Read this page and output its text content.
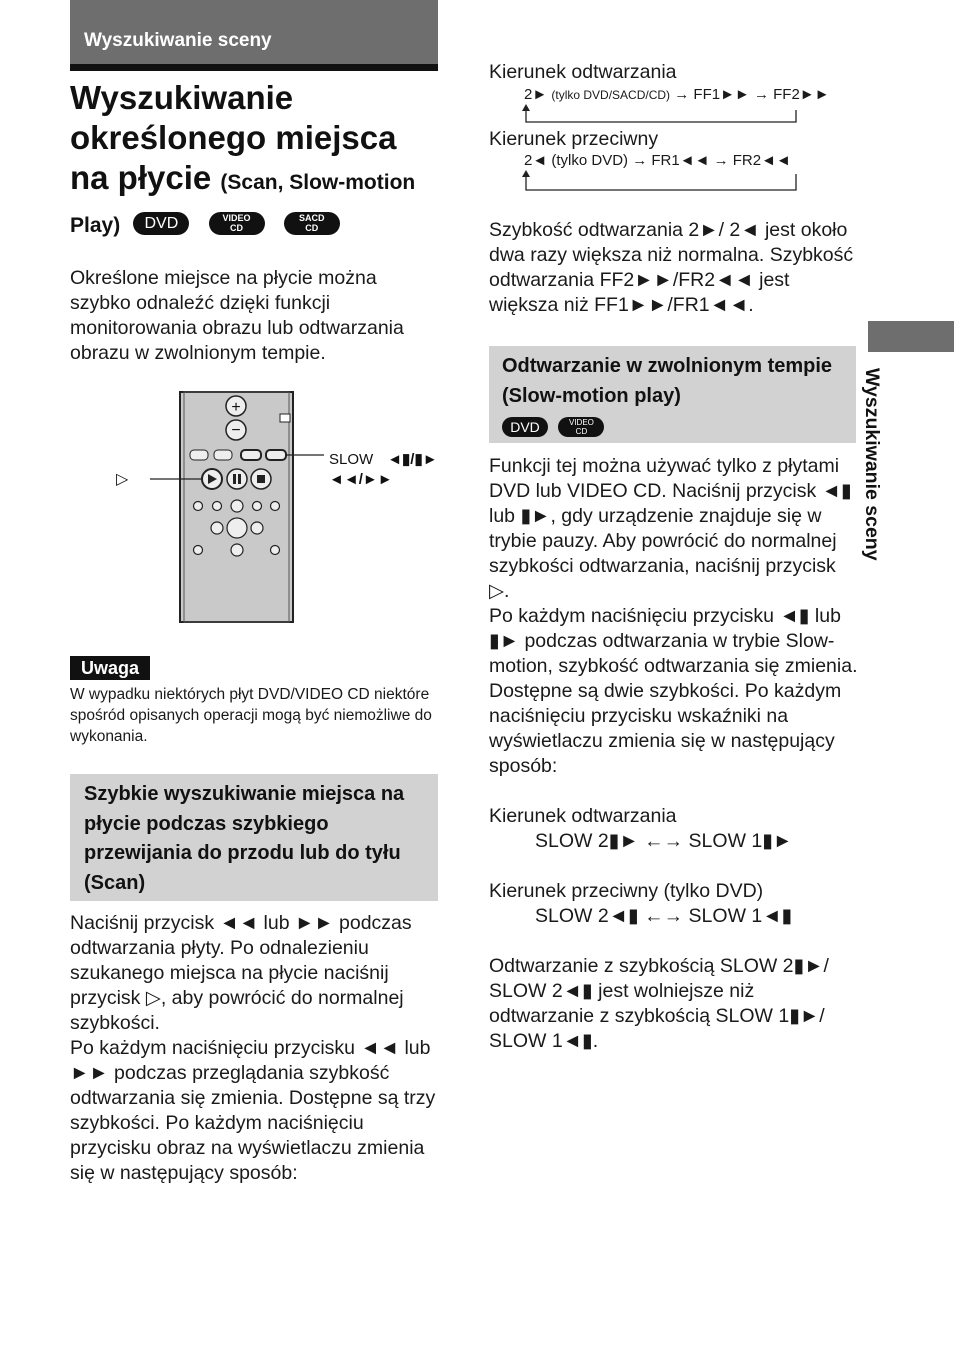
Wyszukiwanie sceny
Wyszukiwanie
określonego miejsca
na płycie (Scan, Slow-motion
Play) DVD	VIDEO
CD SACD
CD
Określone miejsce na płycie można szybko odnaleźć dzięki funkcji monitorowania obrazu lub odtwarzania obrazu w zwolnionym tempie.
+
−
▷
SLOW ◄▮/▮►
◄◄/►►
Uwaga
W wypadku niektórych płyt DVD/VIDEO CD niektóre spośród opisanych operacji mogą być niemożliwe do wykonania.
Szybkie wyszukiwanie miejsca na płycie podczas szybkiego przewijania do przodu lub do tyłu (Scan)
Naciśnij przycisk ◄◄ lub ►► podczas odtwarzania płyty. Po odnalezieniu szukanego miejsca na płycie naciśnij przycisk ▷, aby powrócić do normalnej szybkości.
Po każdym naciśnięciu przycisku ◄◄ lub ►► podczas przeglądania szybkość odtwarzania się zmienia. Dostępne są trzy szybkości. Po każdym naciśnięciu przycisku obraz na wyświetlaczu zmienia się w następujący sposób:
Kierunek odtwarzania
2► (tylko DVD/SACD/CD) → FF1►► → FF2►►
Kierunek przeciwny
2◄ (tylko DVD) → FR1◄◄ → FR2◄◄
Szybkość odtwarzania 2►/ 2◄ jest około dwa razy większa niż normalna. Szybkość odtwarzania FF2►►/FR2◄◄ jest większa niż FF1►►/FR1◄◄.
Odtwarzanie w zwolnionym tempie (Slow-motion play)
DVD	VIDEO
CD
Funkcji tej można używać tylko z płytami DVD lub VIDEO CD. Naciśnij przycisk ◄▮ lub ▮►, gdy urządzenie znajduje się w trybie pauzy. Aby powrócić do normalnej szybkości odtwarzania, naciśnij przycisk ▷.
Po każdym naciśnięciu przycisku ◄▮ lub ▮► podczas odtwarzania w trybie Slow-motion, szybkość odtwarzania się zmienia. Dostępne są dwie szybkości. Po każdym naciśnięciu przycisku wskaźniki na wyświetlaczu zmienia się w następujący sposób:
Kierunek odtwarzania
SLOW 2▮► ←→ SLOW 1▮►
Kierunek przeciwny (tylko DVD)
SLOW 2◄▮ ←→ SLOW 1◄▮
Odtwarzanie z szybkością SLOW 2▮►/ SLOW 2◄▮ jest wolniejsze niż odtwarzanie z szybkością SLOW 1▮►/ SLOW 1◄▮.
Wyszukiwanie sceny
